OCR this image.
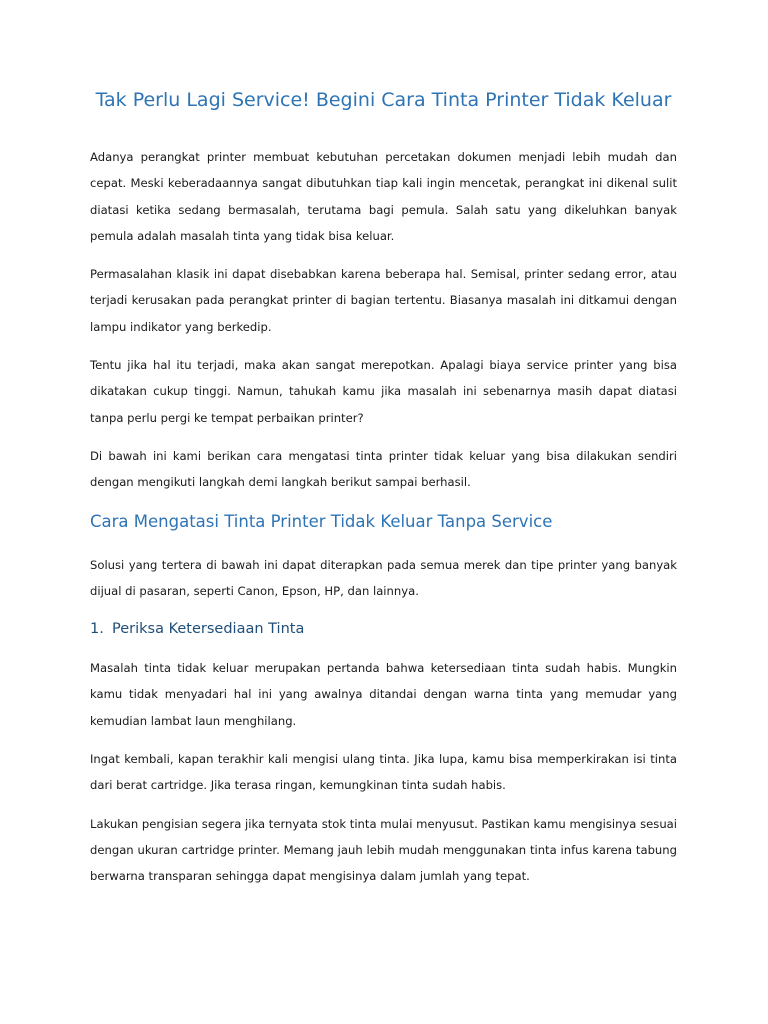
Tak Perlu Lagi Service! Begini Cara Tinta Printer Tidak Keluar

Adanya perangkat printer membuat kebutuhan percetakan dokumen menjadi lebih mudah dan cepat. Meski keberadaannya sangat dibutuhkan tiap kali ingin mencetak, perangkat ini dikenal sulit diatasi ketika sedang bermasalah, terutama bagi pemula. Salah satu yang dikeluhkan banyak pemula adalah masalah tinta yang tidak bisa keluar.

Permasalahan klasik ini dapat disebabkan karena beberapa hal. Semisal, printer sedang error, atau terjadi kerusakan pada perangkat printer di bagian tertentu. Biasanya masalah ini ditkamui dengan lampu indikator yang berkedip.

Tentu jika hal itu terjadi, maka akan sangat merepotkan. Apalagi biaya service printer yang bisa dikatakan cukup tinggi. Namun, tahukah kamu jika masalah ini sebenarnya masih dapat diatasi tanpa perlu pergi ke tempat perbaikan printer?

Di bawah ini kami berikan cara mengatasi tinta printer tidak keluar yang bisa dilakukan sendiri dengan mengikuti langkah demi langkah berikut sampai berhasil.

Cara Mengatasi Tinta Printer Tidak Keluar Tanpa Service

Solusi yang tertera di bawah ini dapat diterapkan pada semua merek dan tipe printer yang banyak dijual di pasaran, seperti Canon, Epson, HP, dan lainnya.

1. Periksa Ketersediaan Tinta

Masalah tinta tidak keluar merupakan pertanda bahwa ketersediaan tinta sudah habis. Mungkin kamu tidak menyadari hal ini yang awalnya ditandai dengan warna tinta yang memudar yang kemudian lambat laun menghilang.

Ingat kembali, kapan terakhir kali mengisi ulang tinta. Jika lupa, kamu bisa memperkirakan isi tinta dari berat cartridge. Jika terasa ringan, kemungkinan tinta sudah habis.

Lakukan pengisian segera jika ternyata stok tinta mulai menyusut. Pastikan kamu mengisinya sesuai dengan ukuran cartridge printer. Memang jauh lebih mudah menggunakan tinta infus karena tabung berwarna transparan sehingga dapat mengisinya dalam jumlah yang tepat.
